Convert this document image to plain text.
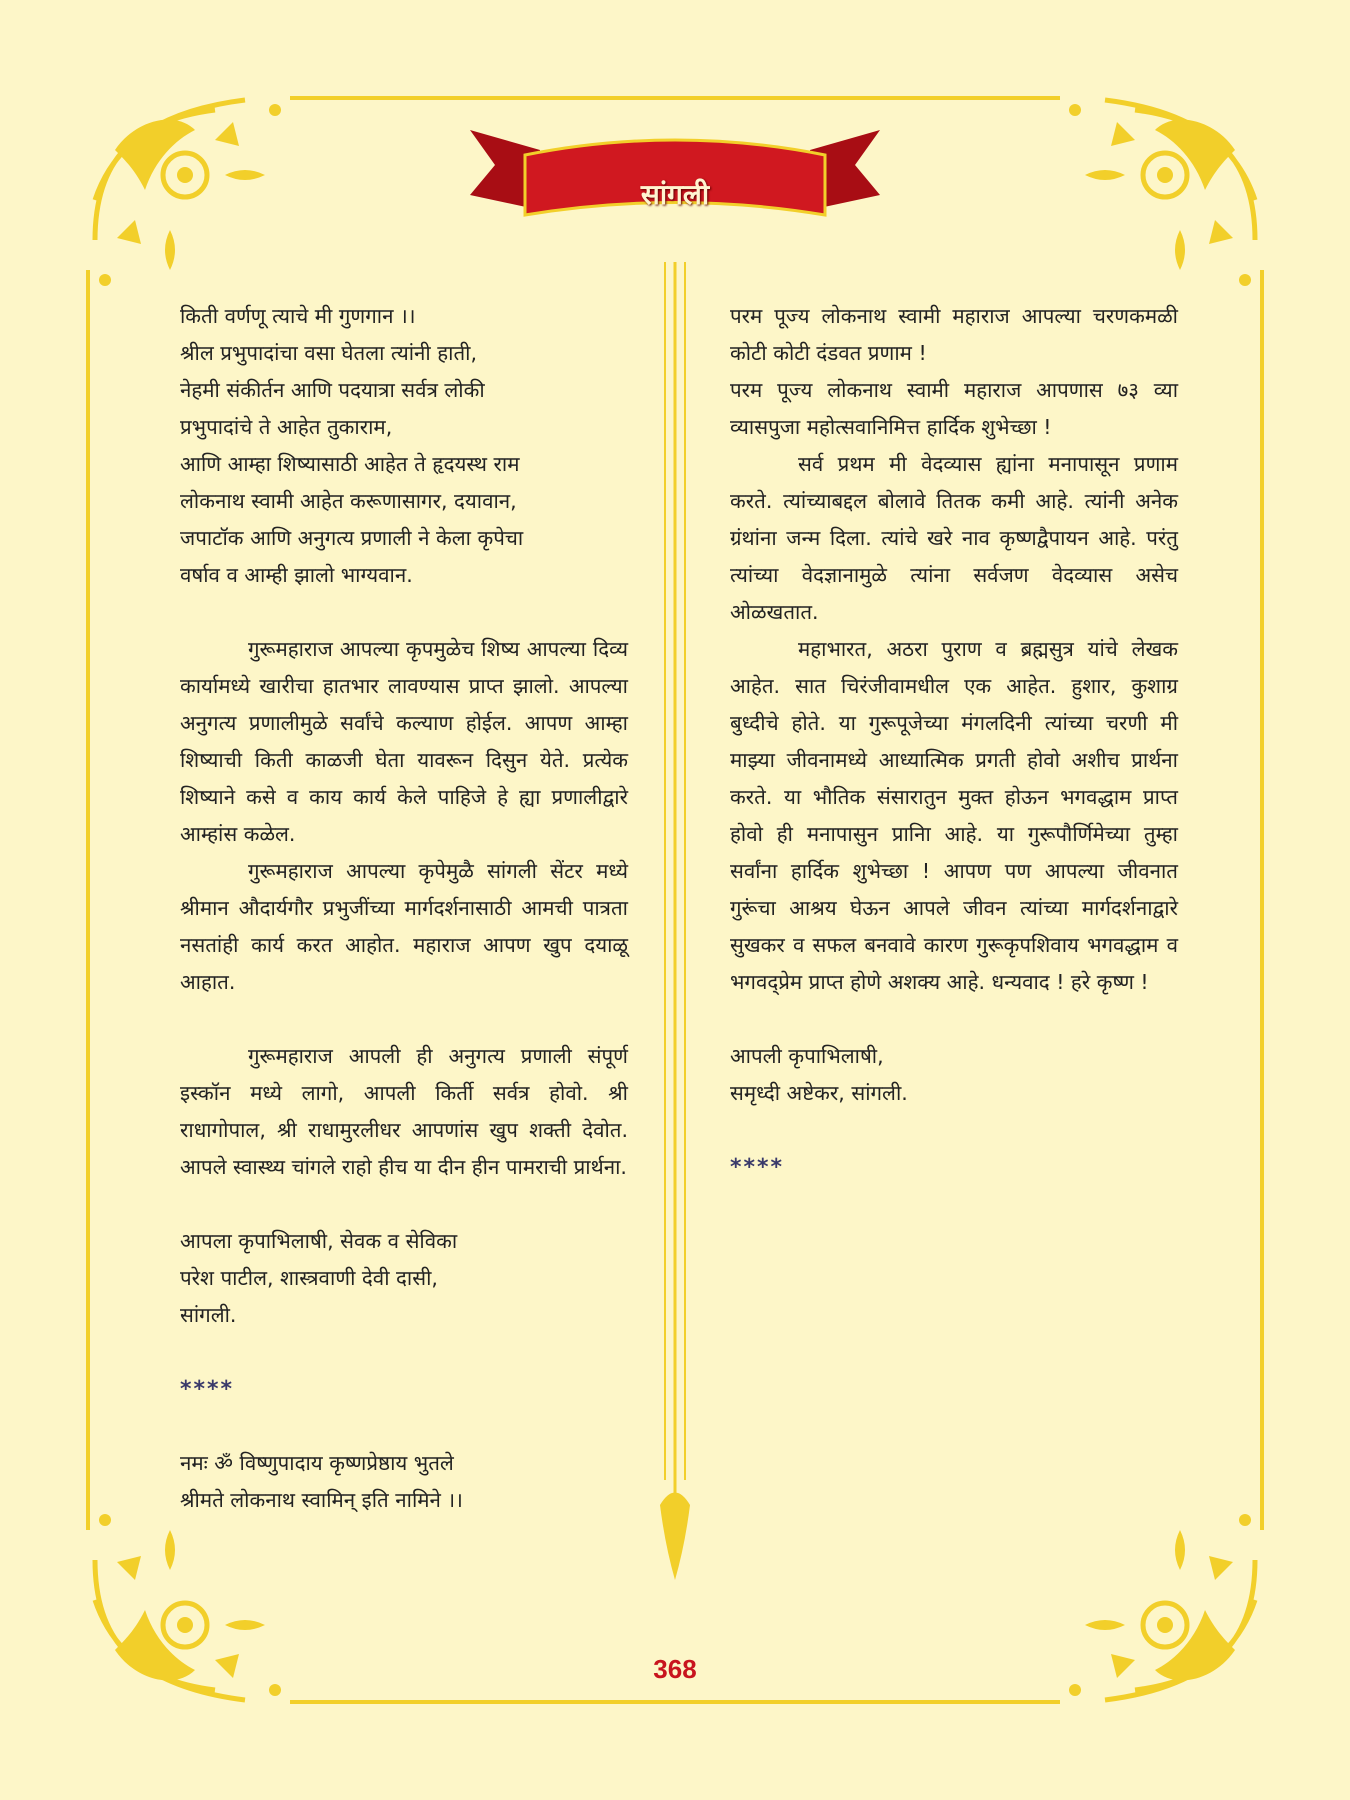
सांगली

किती वर्णणू त्याचे मी गुणगान ।।

श्रील प्रभुपादांचा वसा घेतला त्यांनी हाती,

नेहमी संकीर्तन आणि पदयात्रा सर्वत्र लोकी

प्रभुपादांचे ते आहेत तुकाराम,

आणि आम्हा शिष्यासाठी आहेत ते हृदयस्थ राम

लोकनाथ स्वामी आहेत करूणासागर, दयावान,

जपाटॉक आणि अनुगत्य प्रणाली ने केला कृपेचा

वर्षाव व आम्ही झालो भाग्यवान.

गुरूमहाराज आपल्या कृपमुळेच शिष्य आपल्या दिव्य कार्यामध्ये खारीचा हातभार लावण्यास प्राप्त झालो. आपल्या अनुगत्य प्रणालीमुळे सर्वांचे कल्याण होईल. आपण आम्हा शिष्याची किती काळजी घेता यावरून दिसुन येते. प्रत्येक शिष्याने कसे व काय कार्य केले पाहिजे हे ह्या प्रणालीद्वारे आम्हांस कळेल.

गुरूमहाराज आपल्या कृपेमुळै सांगली सेंटर मध्ये श्रीमान औदार्यगौर प्रभुजींच्या मार्गदर्शनासाठी आमची पात्रता नसतांही कार्य करत आहोत. महाराज आपण खुप दयाळू आहात.

गुरूमहाराज आपली ही अनुगत्य प्रणाली संपूर्ण इस्कॉन मध्ये लागो, आपली किर्ती सर्वत्र होवो. श्री राधागोपाल, श्री राधामुरलीधर आपणांस खुप शक्ती देवोत. आपले स्वास्थ्य चांगले राहो हीच या दीन हीन पामराची प्रार्थना.

आपला कृपाभिलाषी, सेवक व सेविका

परेश पाटील, शास्त्रवाणी देवी दासी,

सांगली.

****

नमः ॐ विष्णुपादाय कृष्णप्रेष्ठाय भुतले

श्रीमते लोकनाथ स्वामिन् इति नामिने ।।

परम पूज्य लोकनाथ स्वामी महाराज आपल्या चरणकमळी कोटी कोटी दंडवत प्रणाम !

परम पूज्य लोकनाथ स्वामी महाराज आपणास ७३ व्या व्यासपुजा महोत्सवानिमित्त हार्दिक शुभेच्छा !

सर्व प्रथम मी वेदव्यास ह्यांना मनापासून प्रणाम करते. त्यांच्याबद्दल बोलावे तितक कमी आहे. त्यांनी अनेक ग्रंथांना जन्म दिला. त्यांचे खरे नाव कृष्णद्वैपायन आहे. परंतु त्यांच्या वेदज्ञानामुळे त्यांना सर्वजण वेदव्यास असेच ओळखतात.

महाभारत, अठरा पुराण व ब्रह्मसुत्र यांचे लेखक आहेत. सात चिरंजीवामधील एक आहेत. हुशार, कुशाग्र बुध्दीचे होते. या गुरूपूजेच्या मंगलदिनी त्यांच्या चरणी मी माझ्या जीवनामध्ये आध्यात्मिक प्रगती होवो अशीच प्रार्थना करते. या भौतिक संसारातुन मुक्त होऊन भगवद्धाम प्राप्त होवो ही मनापासुन प्रानिा आहे. या गुरूपौर्णिमेच्या तुम्हा सर्वांना हार्दिक शुभेच्छा ! आपण पण आपल्या जीवनात गुरूंचा आश्रय घेऊन आपले जीवन त्यांच्या मार्गदर्शनाद्वारे सुखकर व सफल बनवावे कारण गुरूकृपशिवाय भगवद्धाम व भगवद्प्रेम प्राप्त होणे अशक्य आहे. धन्यवाद ! हरे कृष्ण !

आपली कृपाभिलाषी,

समृध्दी अष्टेकर, सांगली.

****

368
